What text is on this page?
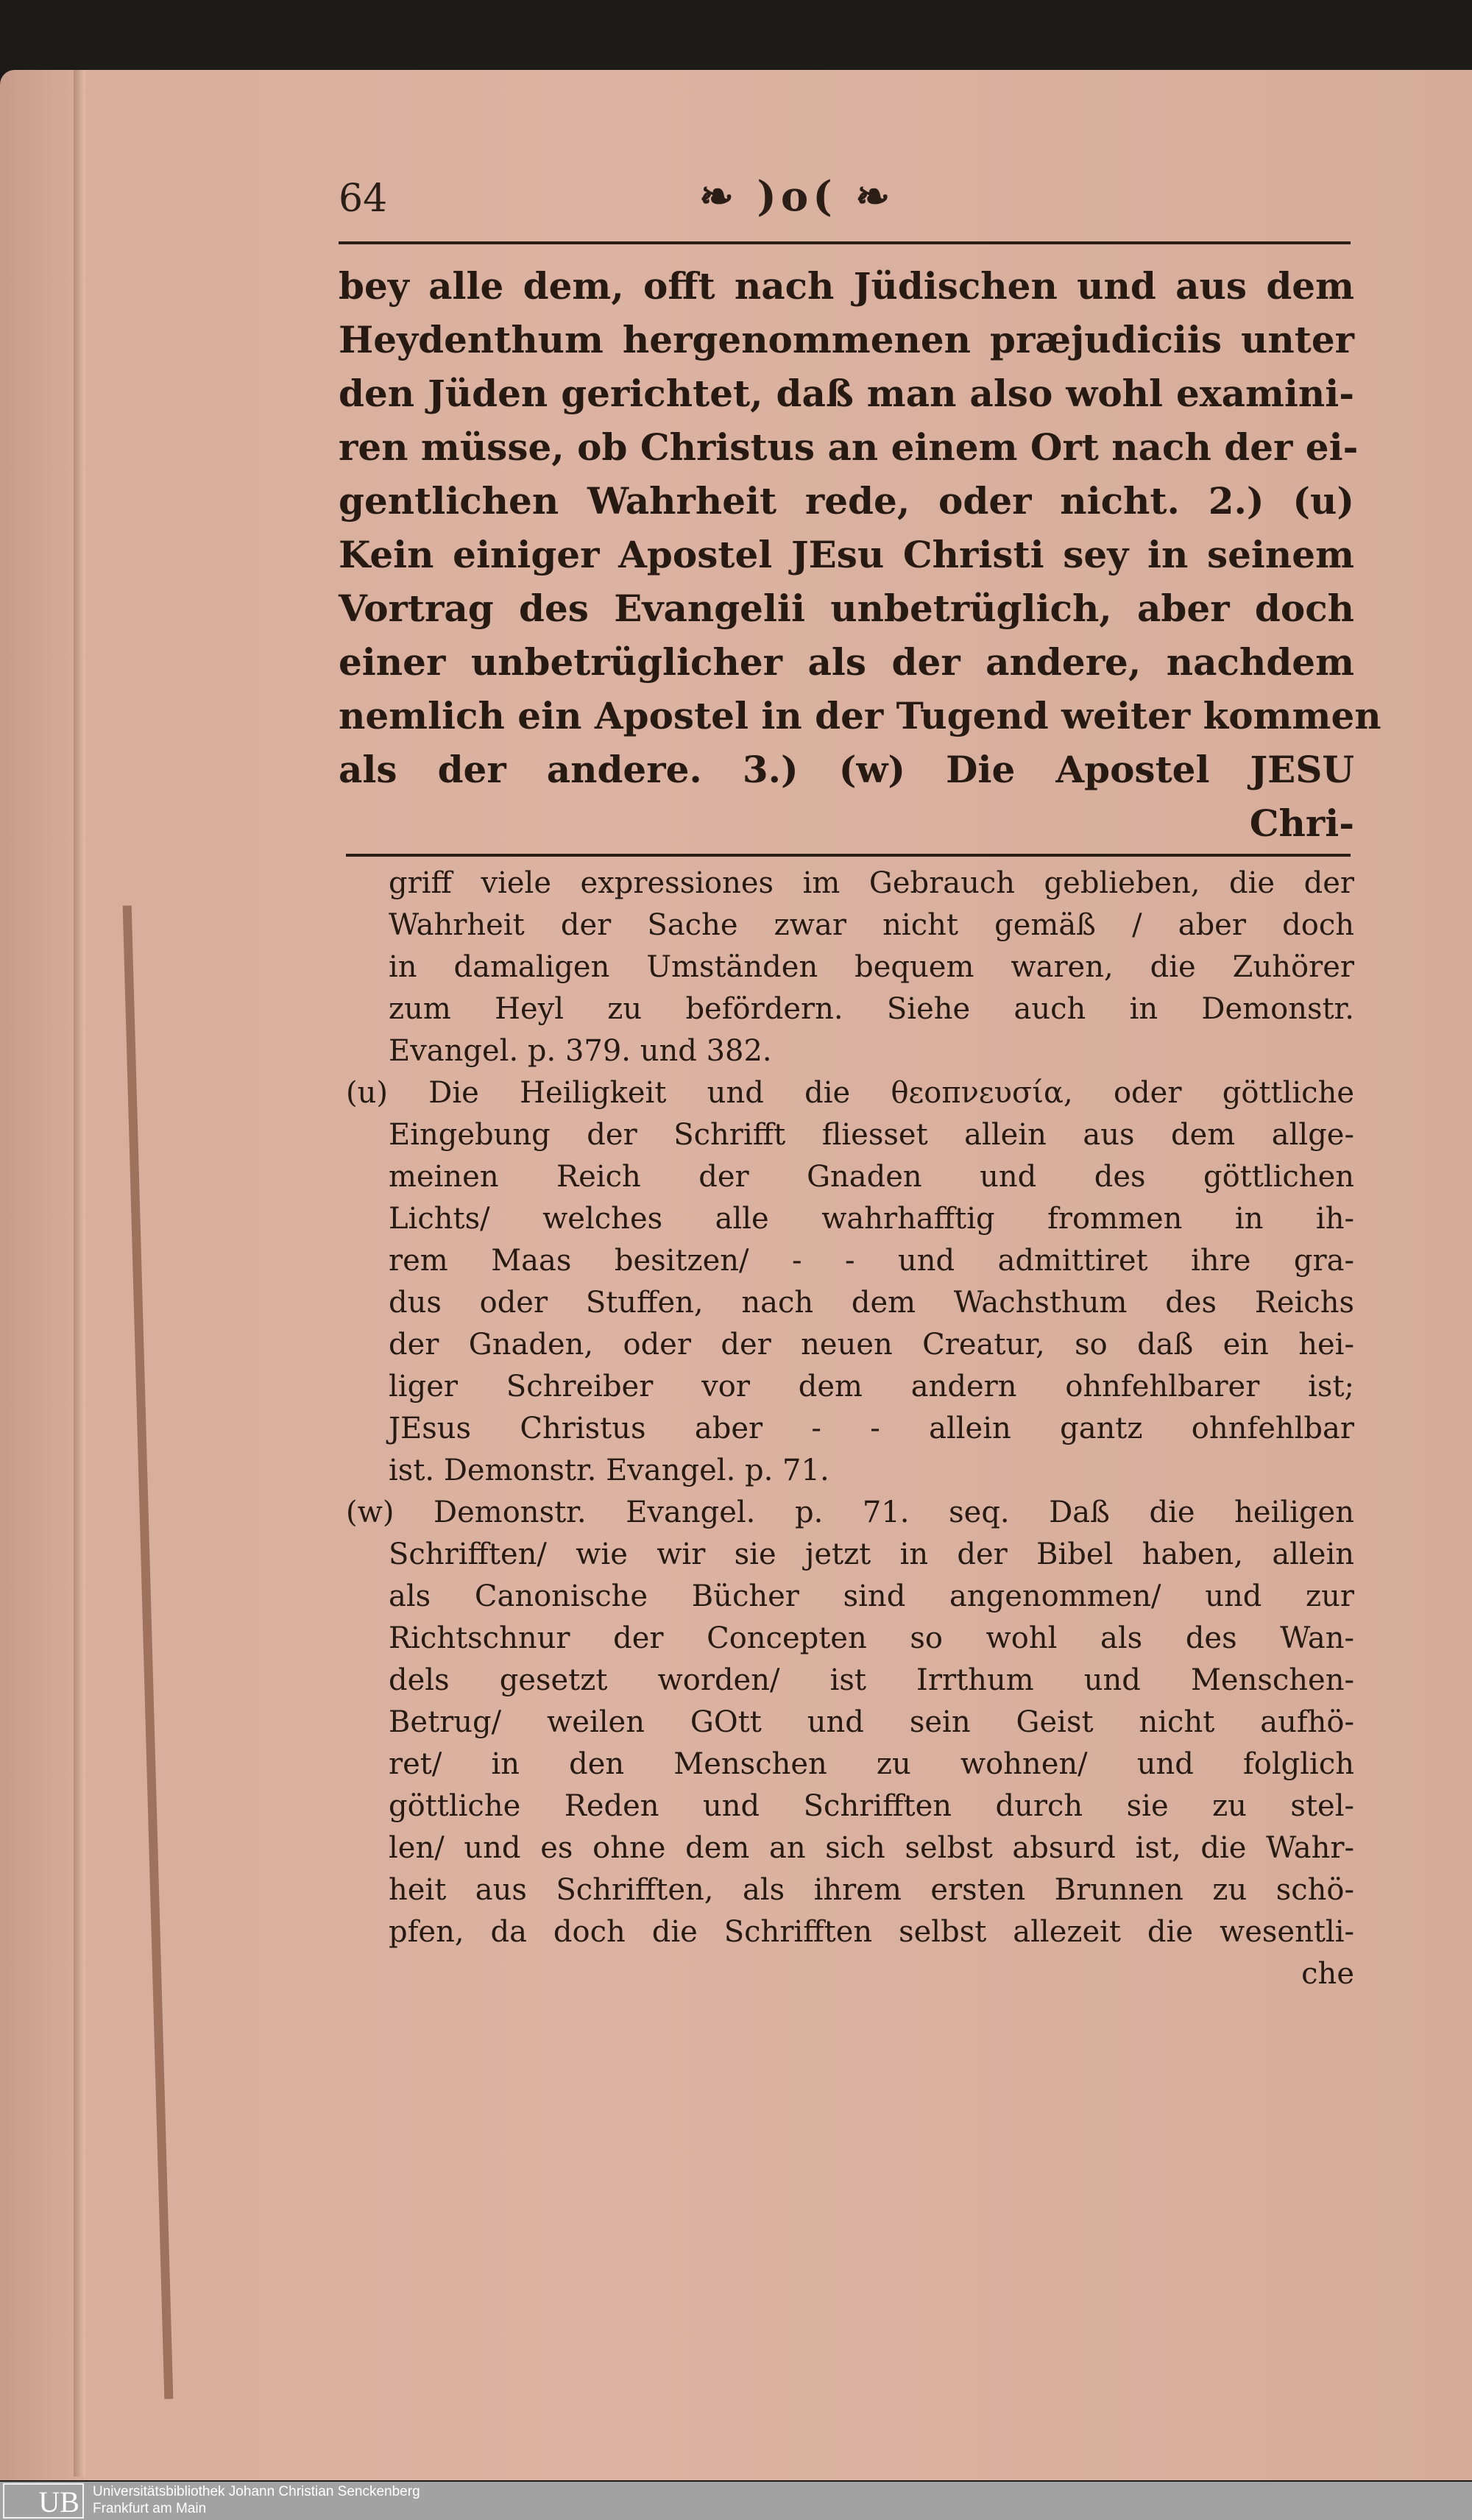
64	❧ )o( ❧
bey alle dem, offt nach Jüdischen und aus dem
Heydenthum hergenommenen præjudiciis unter
den Jüden gerichtet, daß man also wohl examini-
ren müsse, ob Christus an einem Ort nach der ei-
gentlichen Wahrheit rede, oder nicht. 2.) (u)
Kein einiger Apostel JEsu Christi sey in seinem
Vortrag des Evangelii unbetrüglich, aber doch
einer unbetrüglicher als der andere, nachdem
nemlich ein Apostel in der Tugend weiter kommen
als der andere. 3.) (w) Die Apostel JESU
Chri-
griff viele expressiones im Gebrauch geblieben, die der
Wahrheit der Sache zwar nicht gemäß / aber doch
in damaligen Umständen bequem waren, die Zuhörer
zum Heyl zu befördern. Siehe auch in Demonstr.
Evangel. p. 379. und 382.
(u) Die Heiligkeit und die θεοπνευσία, oder göttliche
Eingebung der Schrifft fliesset allein aus dem allge-
meinen Reich der Gnaden und des göttlichen
Lichts/ welches alle wahrhafftig frommen in ih-
rem Maas besitzen/ - - und admittiret ihre gra-
dus oder Stuffen, nach dem Wachsthum des Reichs
der Gnaden, oder der neuen Creatur, so daß ein hei-
liger Schreiber vor dem andern ohnfehlbarer ist;
JEsus Christus aber - - allein gantz ohnfehlbar
ist. Demonstr. Evangel. p. 71.
(w) Demonstr. Evangel. p. 71. seq. Daß die heiligen
Schrifften/ wie wir sie jetzt in der Bibel haben, allein
als Canonische Bücher sind angenommen/ und zur
Richtschnur der Concepten so wohl als des Wan-
dels gesetzt worden/ ist Irrthum und Menschen-
Betrug/ weilen GOtt und sein Geist nicht aufhö-
ret/ in den Menschen zu wohnen/ und folglich
göttliche Reden und Schrifften durch sie zu stel-
len/ und es ohne dem an sich selbst absurd ist, die Wahr-
heit aus Schrifften, als ihrem ersten Brunnen zu schö-
pfen, da doch die Schrifften selbst allezeit die wesentli-
che
UB Universitätsbibliothek Johann Christian Senckenberg
Frankfurt am Main
